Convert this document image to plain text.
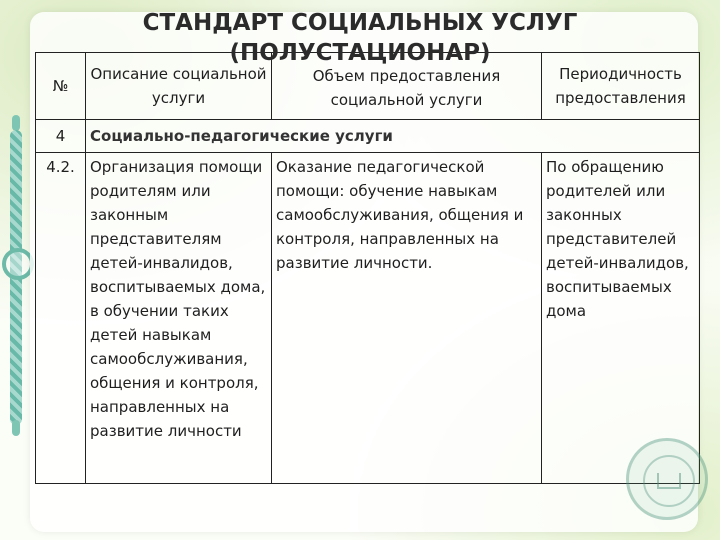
№	Описание социальной услуги	Объем предоставления социальной услуги	Периодичность предоставления
4	Социально-педагогические услуги		
4.2.	Организация помощи родителям или законным представителям детей-инвалидов, воспитываемых дома, в обучении таких детей навыкам самообслуживания, общения и контроля, направленных на развитие личности	Оказание педагогической помощи: обучение навыкам самообслуживания, общения и контроля, направленных на развитие личности.	По обращению родителей или законных представителей детей-инвалидов, воспитываемых дома
СТАНДАРТ СОЦИАЛЬНЫХ УСЛУГ
(ПОЛУСТАЦИОНАР)
